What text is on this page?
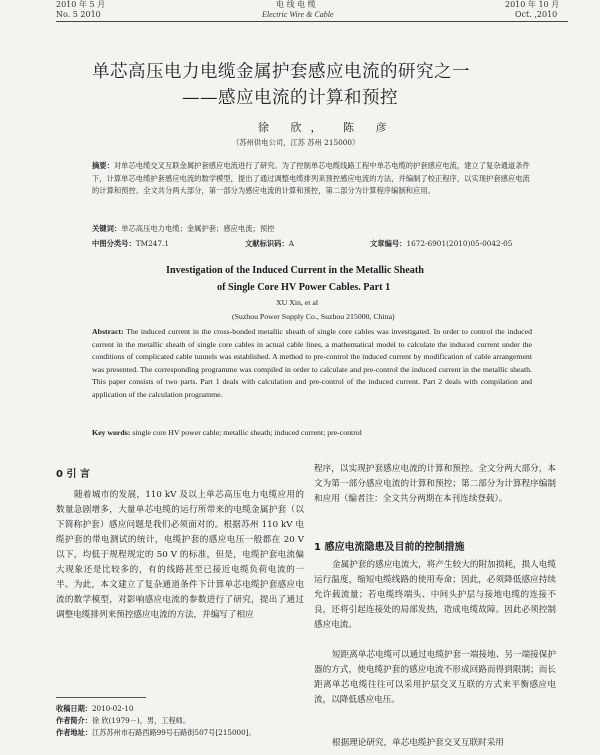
2010 年 5 月
No. 5 2010
电 线 电 缆
Electric Wire & Cable
2010 年 10 月
Oct. ,2010
单芯高压电力电缆金属护套感应电流的研究之一
——感应电流的计算和预控
徐 欣， 陈 彦
（苏州供电公司，江苏 苏州 215000）
摘要：对单芯电缆交叉互联金属护套感应电流进行了研究。为了控制单芯电缆线路工程中单芯电缆的护套感应电流，建立了复杂通道条件下，计算单芯电缆护套感应电流的数学模型，提出了通过调整电缆排列来预控感应电流的方法，并编制了校正程序，以实现护套感应电流的计算和预控。全文共分两大部分，第一部分为感应电流的计算和预控，第二部分为计算程序编制和应用。
关键词：单芯高压电力电缆；金属护套；感应电流；预控
中图分类号：TM247.1	文献标识码：A	文章编号：1672-6901(2010)05-0042-05
Investigation of the Induced Current in the Metallic Sheath
of Single Core HV Power Cables. Part 1
XU Xin, et al
(Suzhou Power Supply Co., Suzhou 215000, China)
Abstract: The induced current in the cross-bonded metallic sheath of single core cables was investigated. In order to control the induced current in the metallic sheath of single core cables in actual cable lines, a mathematical model to calculate the induced current under the conditions of complicated cable tunnels was established. A method to pre-control the induced current by modification of cable arrangement was presented. The corresponding programme was compiled in order to calculate and pre-control the induced current in the metallic sheath. This paper consists of two parts. Part 1 deals with calculation and pre-control of the induced current. Part 2 deals with compilation and application of the calculation programme.
Key words: single core HV power cable; metallic sheath; induced current; pre-control
0 引 言
随着城市的发展，110 kV 及以上单芯高压电力电缆应用的数量急剧增多，大量单芯电缆的运行所带来的电缆金属护套（以下简称护套）感应问题是我们必须面对的。根据苏州 110 kV 电缆护套的带电测试的统计，电缆护套的感应电压一般都在 20 V 以下，均低于规程规定的 50 V 的标准，但是，电缆护套电流偏大现象还是比较多的，有的线路甚至已接近电缆负荷电流的一半。为此，本文建立了复杂通道条件下计算单芯电缆护套感应电流的数学模型，对影响感应电流的参数进行了研究，提出了通过调整电缆排列来预控感应电流的方法，并编写了相应
收稿日期：2010-02-10
作者简介：徐 欣(1979－)，男，工程师。
作者地址：江苏苏州市石路西路99号石路街507号[215000]。
程序，以实现护套感应电流的计算和预控。全文分两大部分，本文为第一部分感应电流的计算和预控；第二部分为计算程序编制和应用（编者注：全文共分两期在本刊连续登载）。
1 感应电流隐患及目前的控制措施
金属护套的感应电流大，将产生较大的附加损耗，损人电缆运行温度，缩短电缆线路的使用寿命；因此，必须降低感应持续允许载流量；若电缆终端头、中间头护层与接地电缆的连接不良，还将引起连接处的局部发热，造成电缆故障。因此必须控制感应电流。
短距离单芯电缆可以通过电缆护套一端接地、另一端接保护器的方式，使电缆护套的感应电流不形成回路而得到限制；而长距离单芯电缆往往可以采用护层交叉互联的方式来平衡感应电流，以降低感应电压。
根据理论研究，单芯电缆护套交叉互联时采用
